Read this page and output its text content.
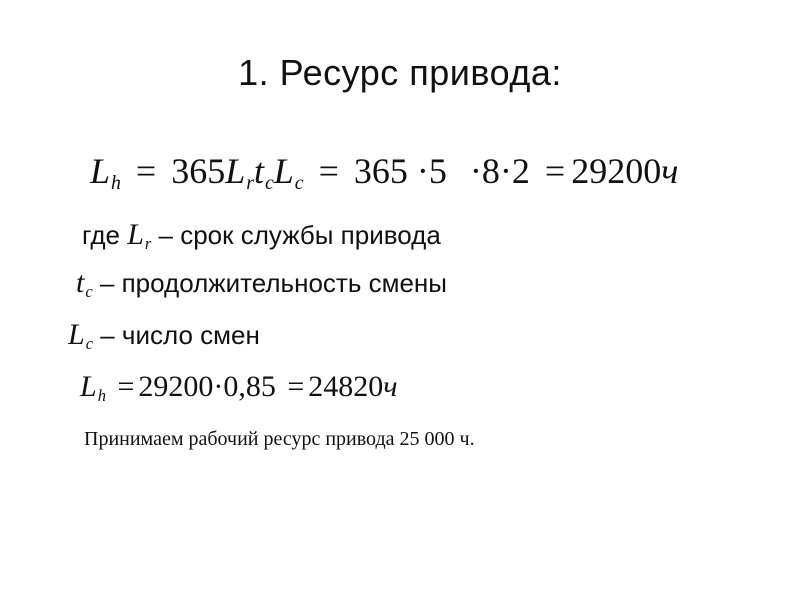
1. Ресурс привода:
$L_h = 365L_rt_cL_c = 365 \cdot 5 \cdot 8\cdot 2 = 29200ч$
где $L_r$ – срок службы привода
$t_c$ – продолжительность смены
$L_c$ – число смен
$L_h = 29200\cdot 0,85 = 24820ч$
Принимаем рабочий ресурс привода 25 000 ч.
